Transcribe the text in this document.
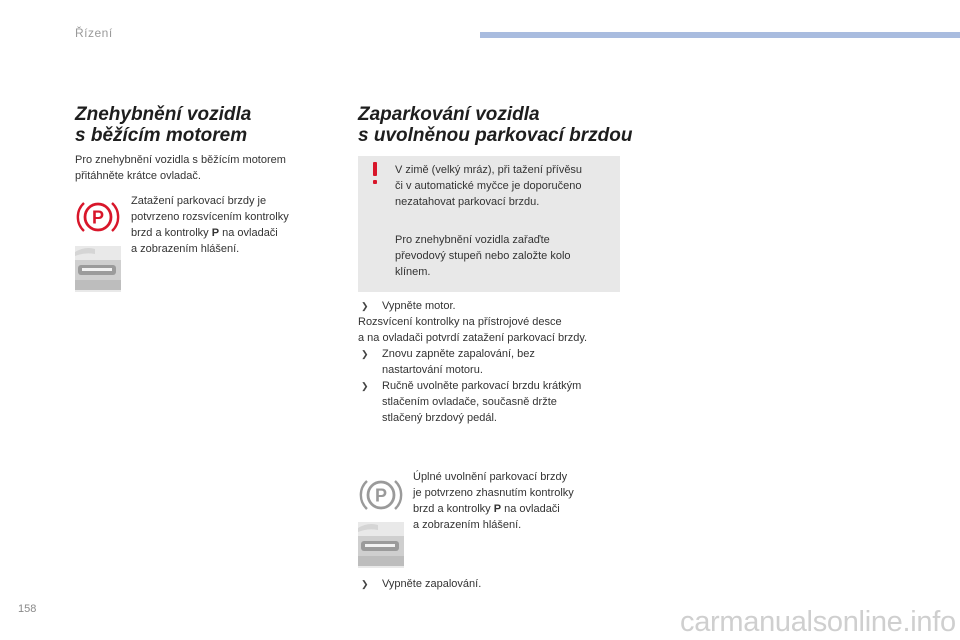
Řízení
Znehybnění vozidla
s běžícím motorem

Pro znehybnění vozidla s běžícím motorem

přitáhněte krátce ovladač.

P

Zatažení parkovací brzdy je

potvrzeno rozsvícením kontrolky

brzd a kontrolky P na ovladači

a zobrazením hlášení.

Zaparkování vozidla
s uvolněnou parkovací brzdou

V zimě (velký mráz), při tažení přívěsu

či v automatické myčce je doporučeno

nezatahovat parkovací brzdu.

Pro znehybnění vozidla zařaďte

převodový stupeň nebo založte kolo

klínem.

❯ Vypněte motor.

Rozsvícení kontrolky na přístrojové desce

a na ovladači potvrdí zatažení parkovací brzdy.

❯ Znovu zapněte zapalování, bez
nastartování motoru.
❯ Ručně uvolněte parkovací brzdu krátkým
stlačením ovladače, současně držte
stlačený brzdový pedál.
P

Úplné uvolnění parkovací brzdy

je potvrzeno zhasnutím kontrolky

brzd a kontrolky P na ovladači

a zobrazením hlášení.

❯ Vypněte zapalování.
158	carmanualsonline.info
